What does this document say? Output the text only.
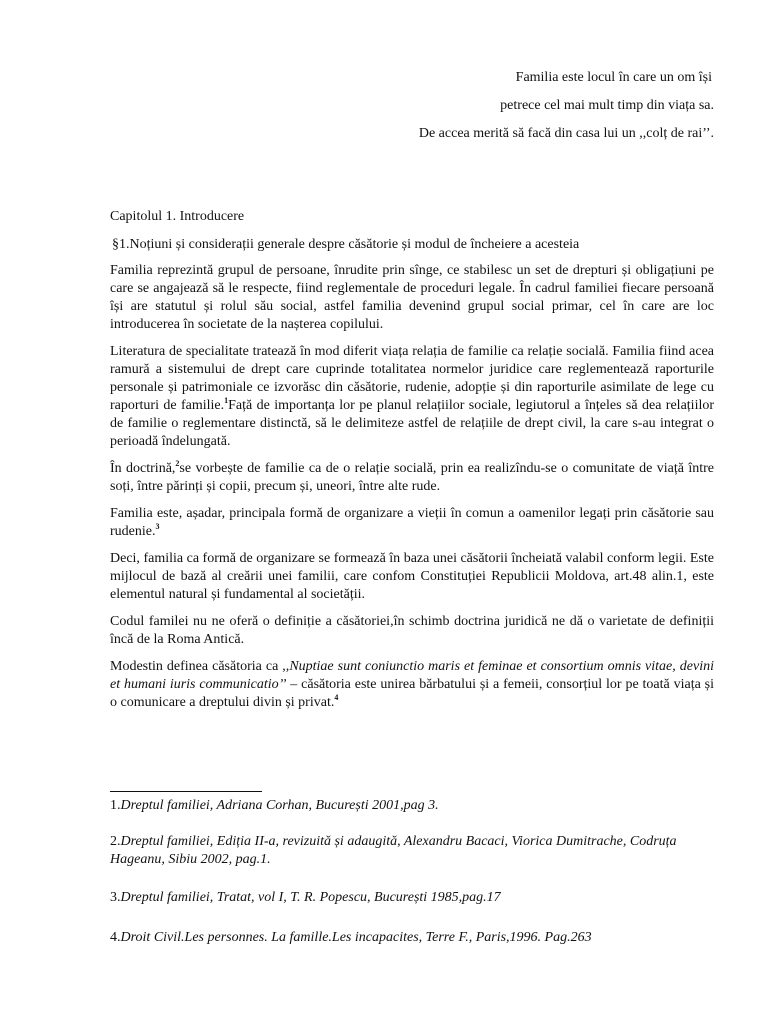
Familia este locul în care un om își
petrece cel mai mult timp din viața sa.
De accea merită să facă din casa lui un ,,colț de rai’’.
Capitolul 1. Introducere
§1.Noțiuni și considerații generale despre căsătorie și modul de încheiere a acesteia

Familia reprezintă grupul de persoane, înrudite prin sînge, ce stabilesc un set de drepturi și obligațiuni pe care se angajează să le respecte, fiind reglementale de proceduri legale. În cadrul familiei fiecare persoană își are statutul și rolul său social, astfel familia devenind grupul social primar, cel în care are loc introducerea în societate de la nașterea copilului.

Literatura de specialitate tratează în mod diferit viața relația de familie ca relație socială. Familia fiind acea ramură a sistemului de drept care cuprinde totalitatea normelor juridice care reglementează raporturile personale și patrimoniale ce izvorăsc din căsătorie, rudenie, adopție și din raporturile asimilate de lege cu raporturi de familie.$^1$Față de importanța lor pe planul relațiilor sociale, legiutorul a înțeles să dea relațiilor de familie o reglementare distinctă, să le delimiteze astfel de relațiile de drept civil, la care s-au integrat o perioadă îndelungată.

În doctrină,$^2$se vorbește de familie ca de o relație socială, prin ea realizîndu-se o comunitate de viață între soți, între părinți și copii, precum și, uneori, între alte rude.

Familia este, așadar, principala formă de organizare a vieții în comun a oamenilor legați prin căsătorie sau rudenie.$^3$

Deci, familia ca formă de organizare se formează în baza unei căsătorii încheiată valabil conform legii. Este mijlocul de bază al creării unei familii, care confom Constituției Republicii Moldova, art.48 alin.1, este elementul natural și fundamental al societății.

Codul familei nu ne oferă o definiție a căsătoriei,în schimb doctrina juridică ne dă o varietate de definiții încă de la Roma Antică.

Modestin definea căsătoria ca ,,Nuptiae sunt coniunctio maris et feminae et consortium omnis vitae, devini et humani iuris communicatio’’ – căsătoria este unirea bărbatului și a femeii, consorțiul lor pe toată viața și o comunicare a dreptului divin și privat.$^4$

1.Dreptul familiei, Adriana Corhan, București 2001,pag 3.

2.Dreptul familiei, Ediția II-a, revizuită și adaugită, Alexandru Bacaci, Viorica Dumitrache, Codruța Hageanu, Sibiu 2002, pag.1.

3.Dreptul familiei, Tratat, vol I, T. R. Popescu, București 1985,pag.17

4.Droit Civil.Les personnes. La famille.Les incapacites, Terre F., Paris,1996. Pag.263
